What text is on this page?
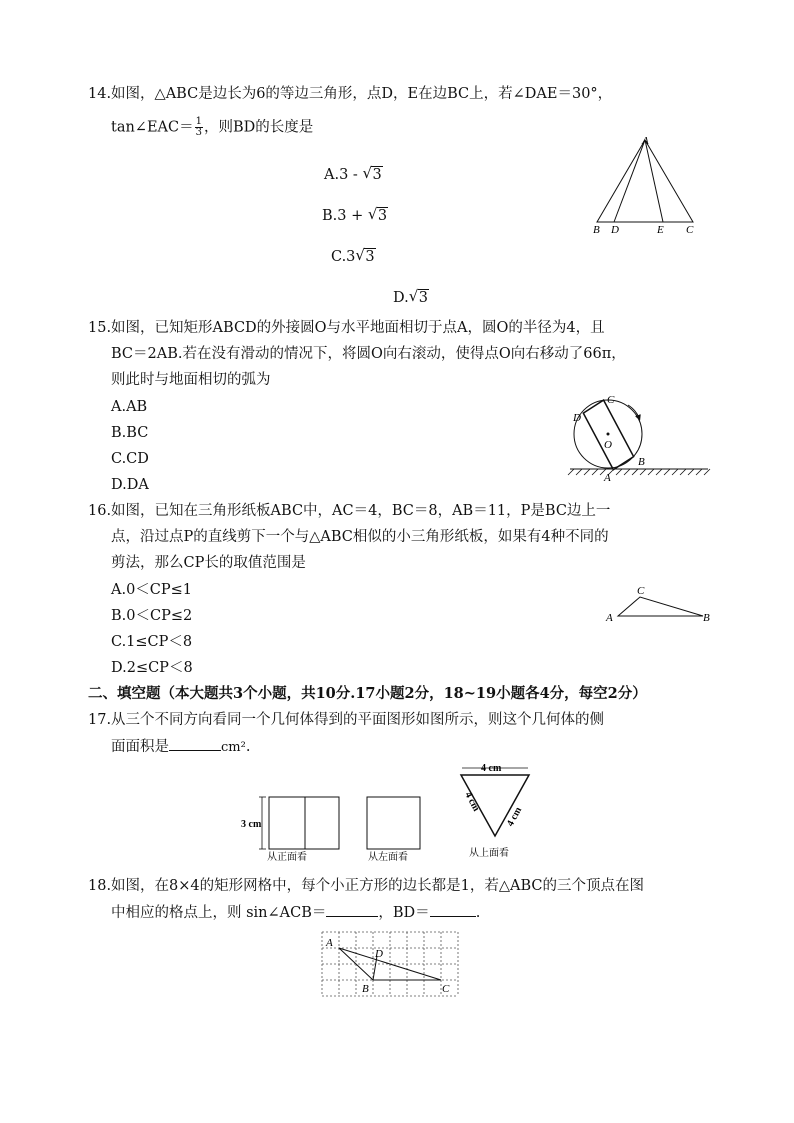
14.如图，△ABC是边长为6的等边三角形，点D，E在边BC上，若∠DAE＝30°，
tan∠EAC＝ $\frac{1}{3}$ ，则BD的长度是
A.3 - √ 3
B.3 + √ 3
C.3 √ 3
D. √ 3
A
B D	E C
15.如图，已知矩形ABCD的外接圆O与水平地面相切于点A，圆O的半径为4，且
BC＝2AB.若在没有滑动的情况下，将圆O向右滚动，使得点O向右移动了66π，
则此时与地面相切的弧为
A.AB
B.BC
C.CD
D.DA
C
D
O
B
A
16.如图，已知在三角形纸板ABC中，AC＝4，BC＝8，AB＝11，P是BC边上一
点，沿过点P的直线剪下一个与△ABC相似的小三角形纸板，如果有4种不同的
剪法，那么CP长的取值范围是
A.0＜CP≤1
B.0＜CP≤2
C.1≤CP＜8
D.2≤CP＜8
A
C
B
二、填空题（本大题共3个小题，共10分.17小题2分，18~19小题各4分，每空2分）
17.从三个不同方向看同一个几何体得到的平面图形如图所示，则这个几何体的侧
面面积是	cm².
3 cm
从正面看	从左面看
4 cm
4 cm
4 cm
从上面看
18.如图，在8×4的矩形网格中，每个小正方形的边长都是1，若△ABC的三个顶点在图
中相应的格点上，则 sin∠ACB＝	，BD＝	.
A
D
B	C
